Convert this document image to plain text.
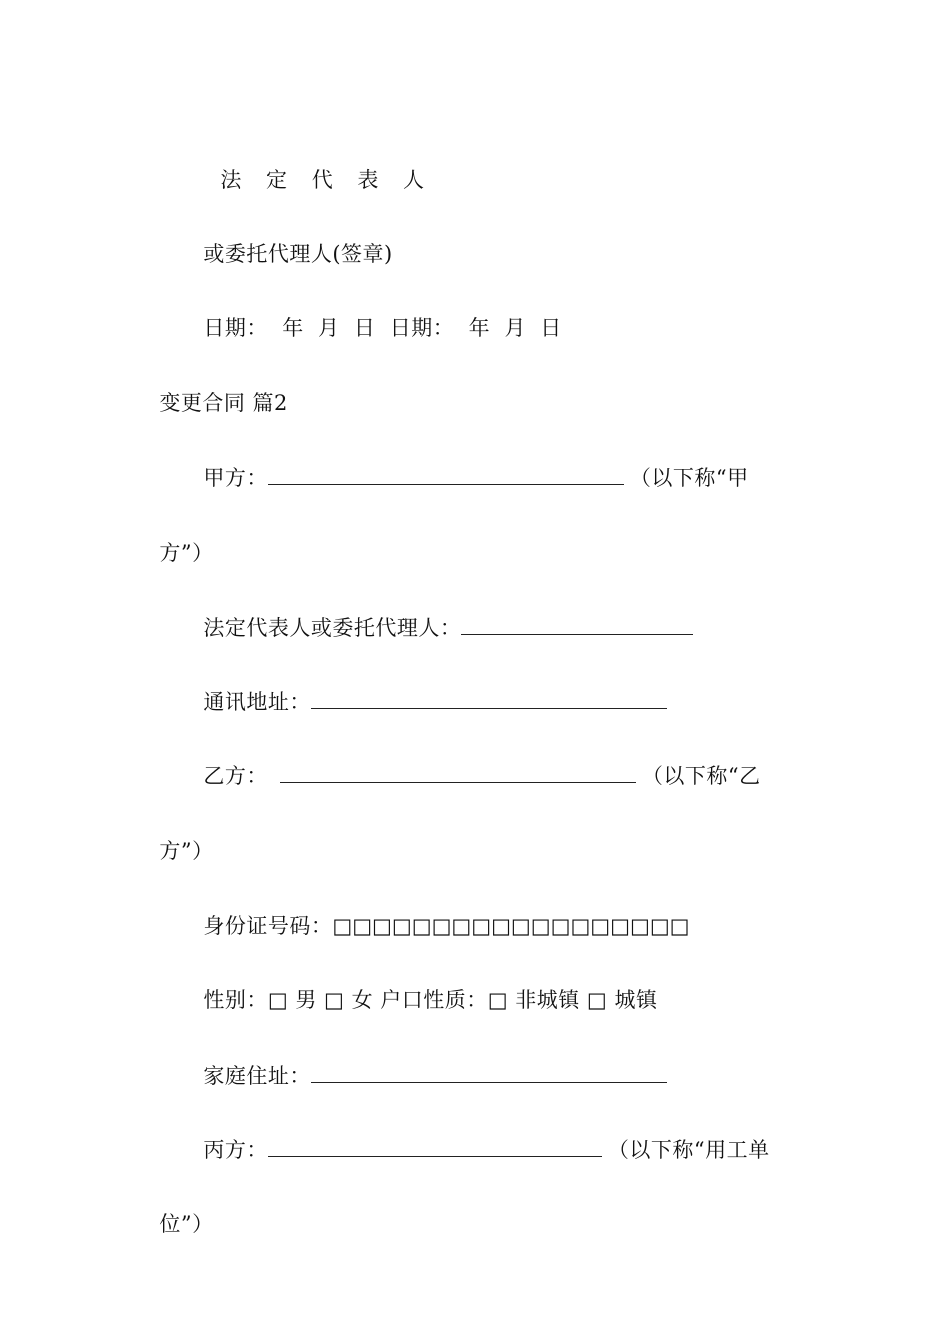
法 定 代 表 人

或委托代理人(签章)

日期：  年  月  日  日期：  年  月  日

变更合同 篇2

甲方：	（以下称“甲

方”）

法定代表人或委托代理人：

通讯地址：

乙方：	（以下称“乙

方”）

身份证号码：□□□□□□□□□□□□□□□□□□

性别：□ 男 □ 女 户口性质：□ 非城镇 □ 城镇

家庭住址：

丙方：	（以下称“用工单

位”）
